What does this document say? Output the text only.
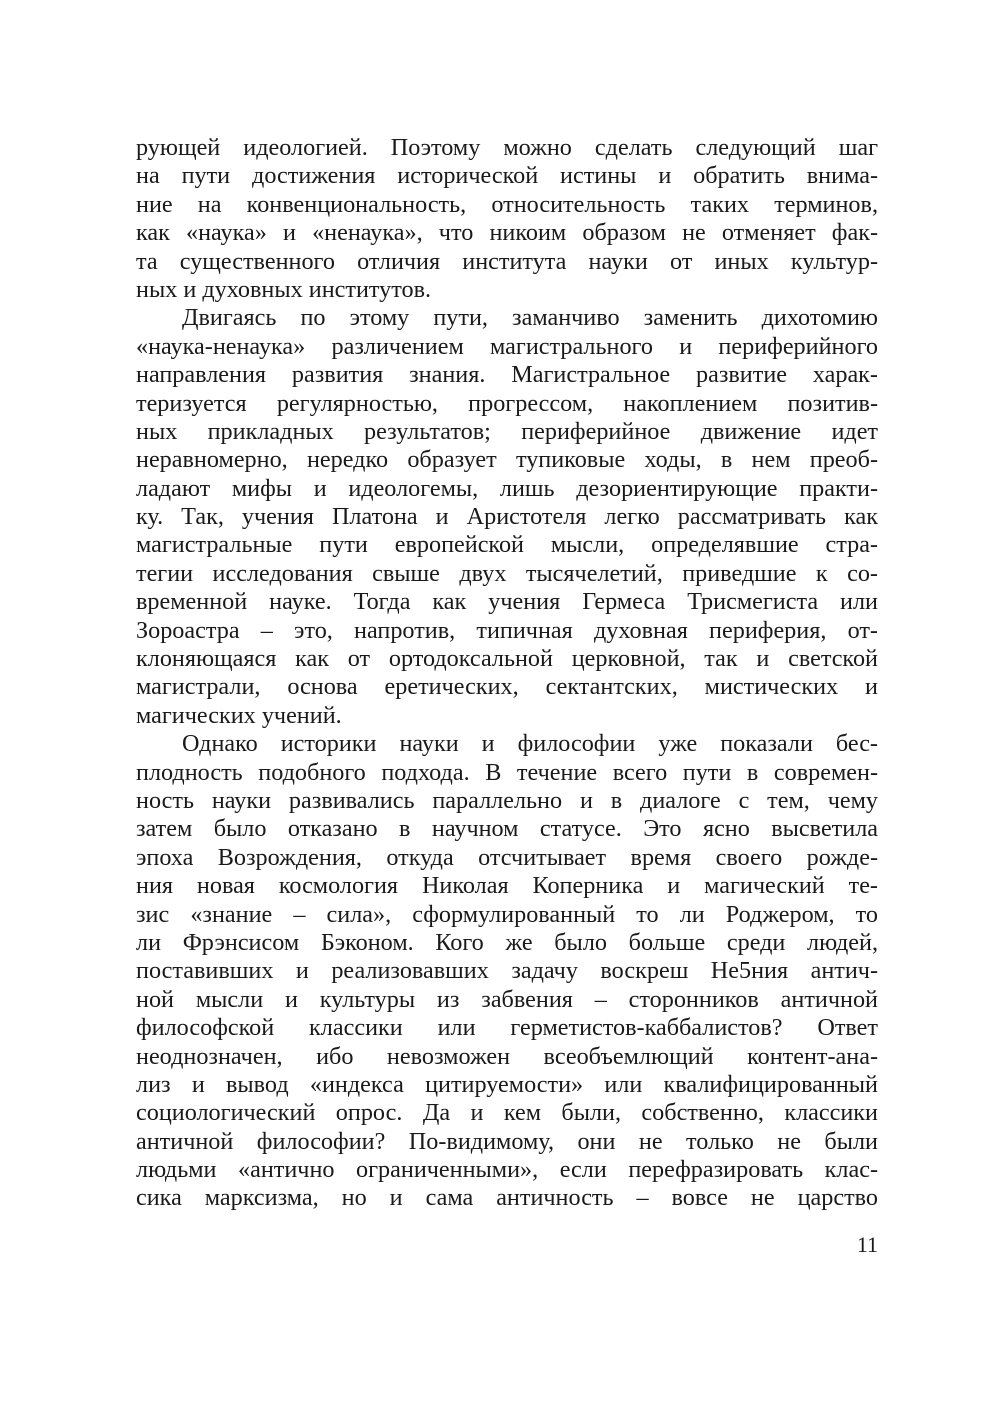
рующей идеологией. Поэтому можно сделать следующий шаг
на пути достижения исторической истины и обратить внима-
ние на конвенциональность, относительность таких терминов,
как «наука» и «ненаука», что никоим образом не отменяет фак-
та существенного отличия института науки от иных культур-
ных и духовных институтов.
Двигаясь по этому пути, заманчиво заменить дихотомию
«наука-ненаука» различением магистрального и периферийного
направления развития знания. Магистральное развитие харак-
теризуется регулярностью, прогрессом, накоплением позитив-
ных прикладных результатов; периферийное движение идет
неравномерно, нередко образует тупиковые ходы, в нем преоб-
ладают мифы и идеологемы, лишь дезориентирующие практи-
ку. Так, учения Платона и Аристотеля легко рассматривать как
магистральные пути европейской мысли, определявшие стра-
тегии исследования свыше двух тысячелетий, приведшие к со-
временной науке. Тогда как учения Гермеса Трисмегиста или
Зороастра – это, напротив, типичная духовная периферия, от-
клоняющаяся как от ортодоксальной церковной, так и светской
магистрали, основа еретических, сектантских, мистических и
магических учений.
Однако историки науки и философии уже показали бес-
плодность подобного подхода. В течение всего пути в современ-
ность науки развивались параллельно и в диалоге с тем, чему
затем было отказано в научном статусе. Это ясно высветила
эпоха Возрождения, откуда отсчитывает время своего рожде-
ния новая космология Николая Коперника и магический те-
зис «знание – сила», сформулированный то ли Роджером, то
ли Фрэнсисом Бэконом. Кого же было больше среди людей,
поставивших и реализовавших задачу воскреш Не5ния антич-
ной мысли и культуры из забвения – сторонников античной
философской классики или герметистов-каббалистов? Ответ
неоднозначен, ибо невозможен всеобъемлющий контент-ана-
лиз и вывод «индекса цитируемости» или квалифицированный
социологический опрос. Да и кем были, собственно, классики
античной философии? По-видимому, они не только не были
людьми «антично ограниченными», если перефразировать клас-
сика марксизма, но и сама античность – вовсе не царство
11
